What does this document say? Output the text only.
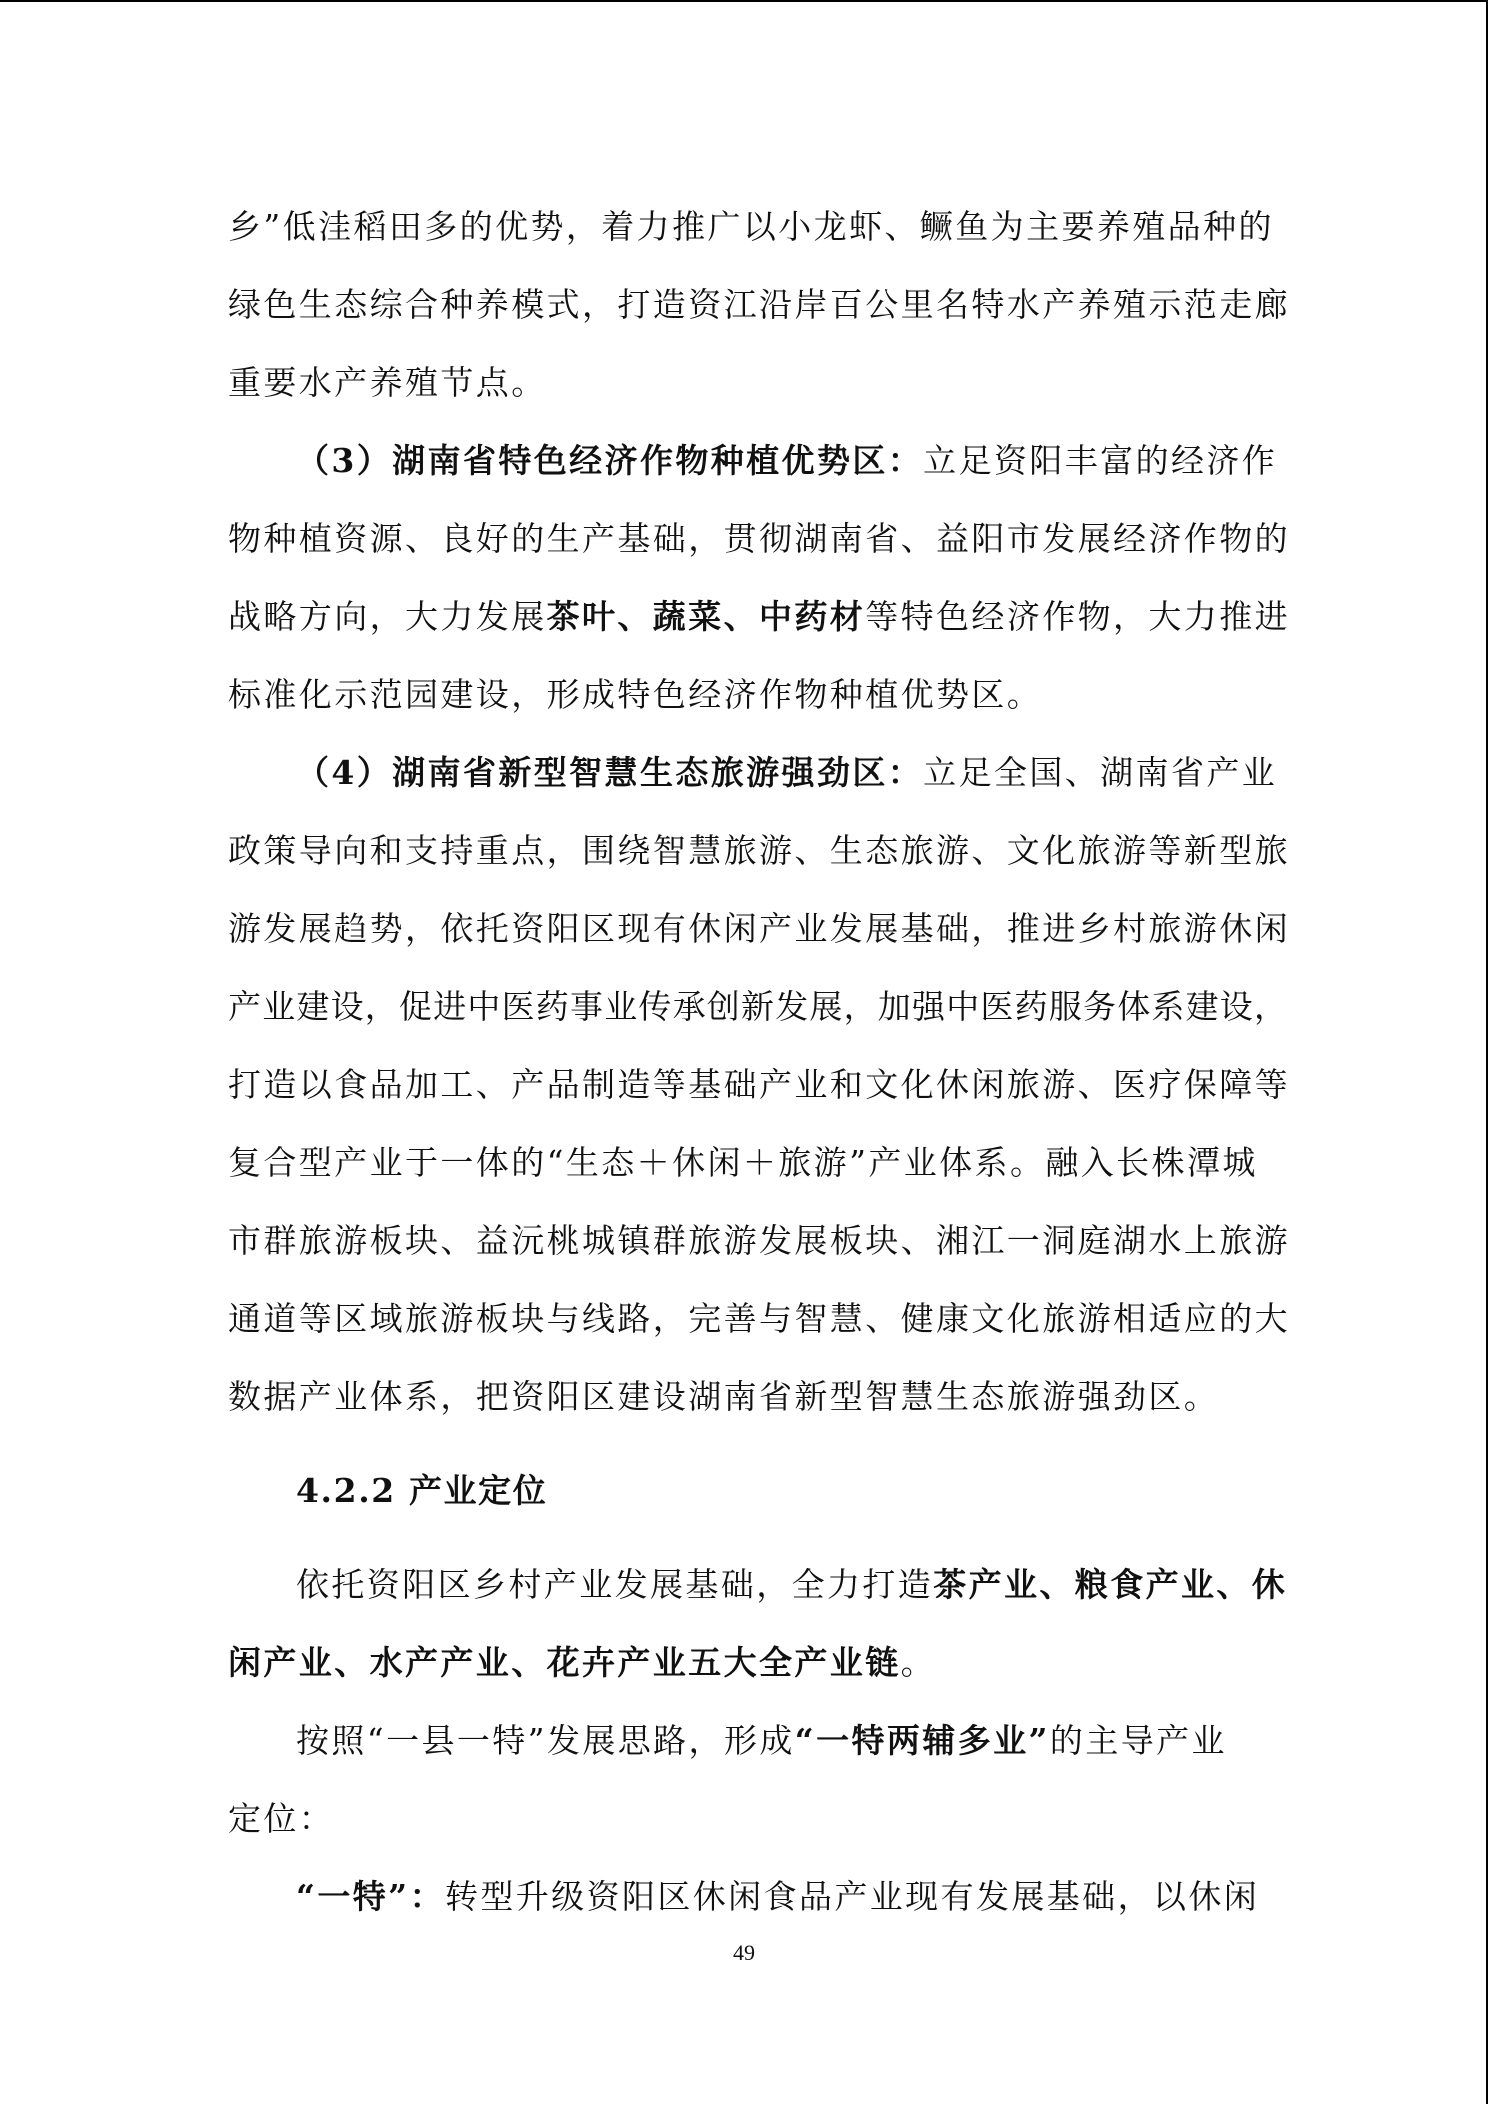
乡”低洼稻田多的优势，着力推广以小龙虾、鳜鱼为主要养殖品种的
绿色生态综合种养模式，打造资江沿岸百公里名特水产养殖示范走廊
重要水产养殖节点。
（3）湖南省特色经济作物种植优势区：立足资阳丰富的经济作
物种植资源、良好的生产基础，贯彻湖南省、益阳市发展经济作物的
战略方向，大力发展茶叶、蔬菜、中药材等特色经济作物，大力推进
标准化示范园建设，形成特色经济作物种植优势区。
（4）湖南省新型智慧生态旅游强劲区：立足全国、湖南省产业
政策导向和支持重点，围绕智慧旅游、生态旅游、文化旅游等新型旅
游发展趋势，依托资阳区现有休闲产业发展基础，推进乡村旅游休闲
产业建设，促进中医药事业传承创新发展，加强中医药服务体系建设，
打造以食品加工、产品制造等基础产业和文化休闲旅游、医疗保障等
复合型产业于一体的“生态＋休闲＋旅游”产业体系。融入长株潭城
市群旅游板块、益沅桃城镇群旅游发展板块、湘江一洞庭湖水上旅游
通道等区域旅游板块与线路，完善与智慧、健康文化旅游相适应的大
数据产业体系，把资阳区建设湖南省新型智慧生态旅游强劲区。
4.2.2 产业定位
依托资阳区乡村产业发展基础，全力打造茶产业、粮食产业、休
闲产业、水产产业、花卉产业五大全产业链。
按照“一县一特”发展思路，形成“一特两辅多业”的主导产业
定位：
“一特”：转型升级资阳区休闲食品产业现有发展基础，以休闲
49
